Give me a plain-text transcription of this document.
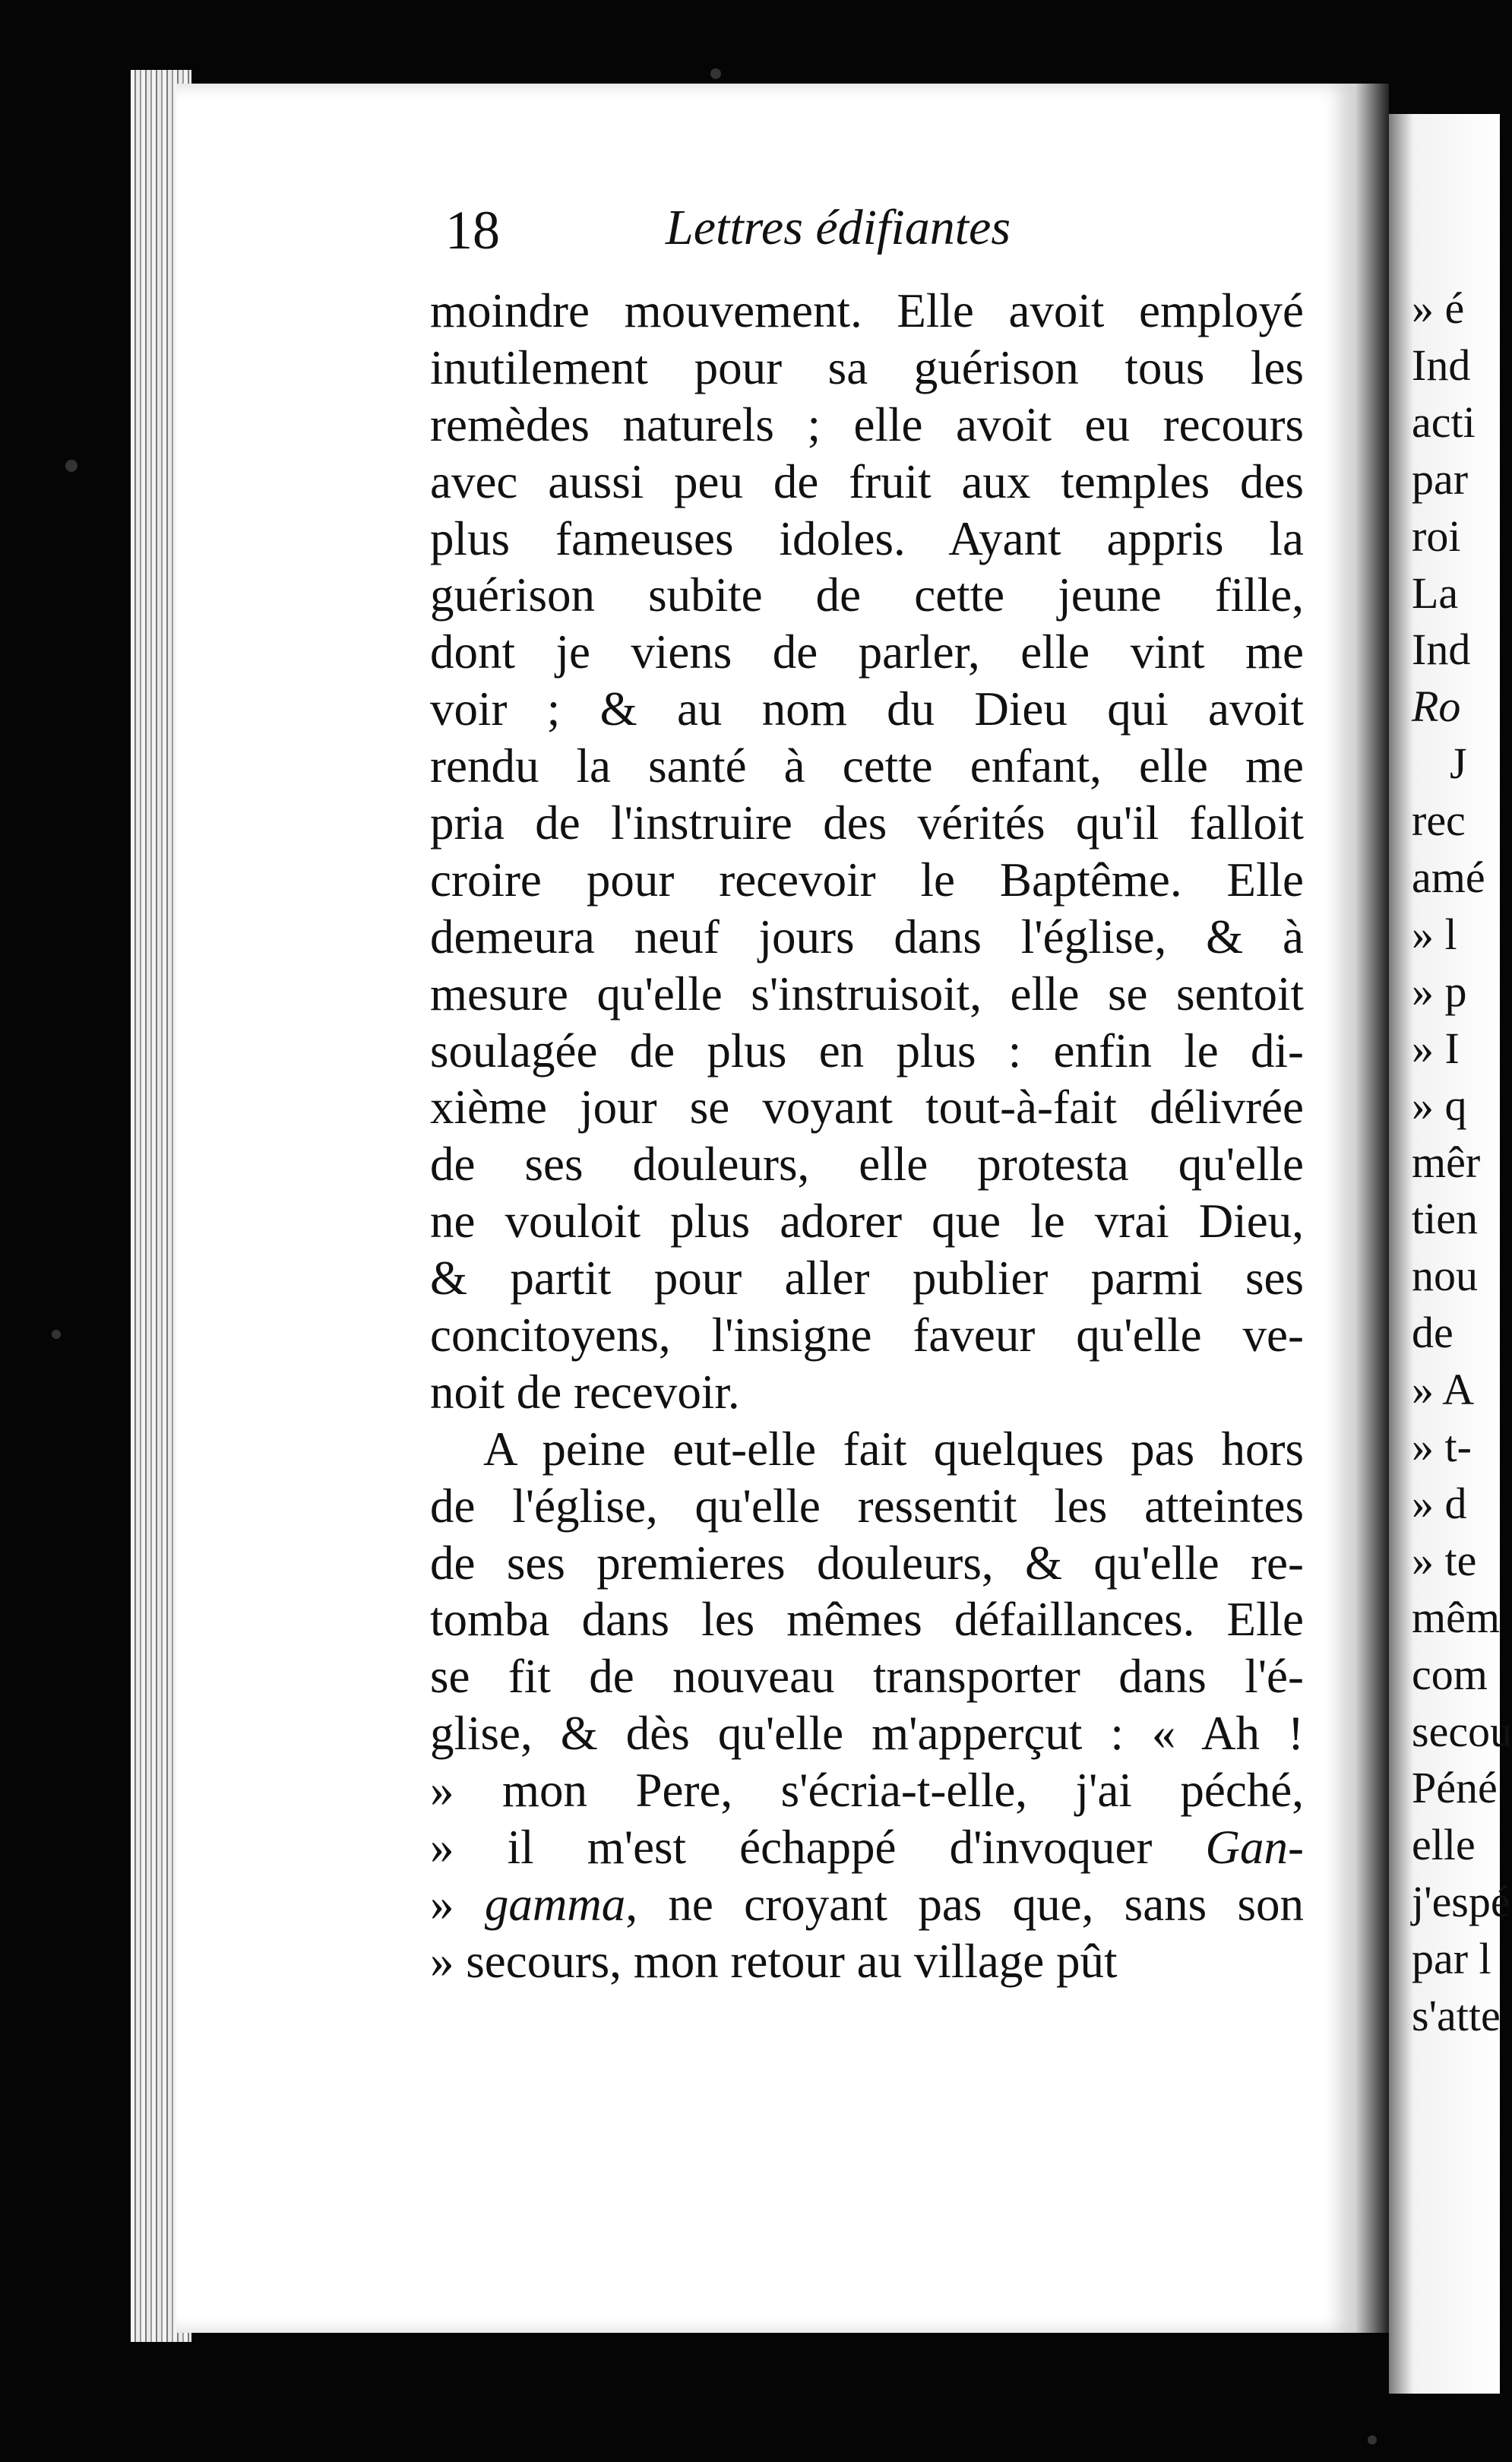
» é
Ind
acti
par
roi
La
Ind
Ro
J
rec
amé
» l
» p
» I
» q
mêr
tien
nou
de
» A
» t-
» d
» te
mêm
com
secou
Péné
elle
j'espé
par l
s'atte
18	Lettres édifiantes
moindre mouvement. Elle avoit employé
inutilement pour sa guérison tous les
remèdes naturels ; elle avoit eu recours
avec aussi peu de fruit aux temples des
plus fameuses idoles. Ayant appris la
guérison subite de cette jeune fille,
dont je viens de parler, elle vint me
voir ; & au nom du Dieu qui avoit
rendu la santé à cette enfant, elle me
pria de l'instruire des vérités qu'il falloit
croire pour recevoir le Baptême. Elle
demeura neuf jours dans l'église, & à
mesure qu'elle s'instruisoit, elle se sentoit
soulagée de plus en plus : enfin le di-
xième jour se voyant tout-à-fait délivrée
de ses douleurs, elle protesta qu'elle
ne vouloit plus adorer que le vrai Dieu,
& partit pour aller publier parmi ses
concitoyens, l'insigne faveur qu'elle ve-
noit de recevoir.
A peine eut-elle fait quelques pas hors
de l'église, qu'elle ressentit les atteintes
de ses premieres douleurs, & qu'elle re-
tomba dans les mêmes défaillances. Elle
se fit de nouveau transporter dans l'é-
glise, & dès qu'elle m'apperçut : « Ah !
» mon Pere, s'écria-t-elle, j'ai péché,
» il m'est échappé d'invoquer Gan-
» gamma, ne croyant pas que, sans son
» secours, mon retour au village pût
